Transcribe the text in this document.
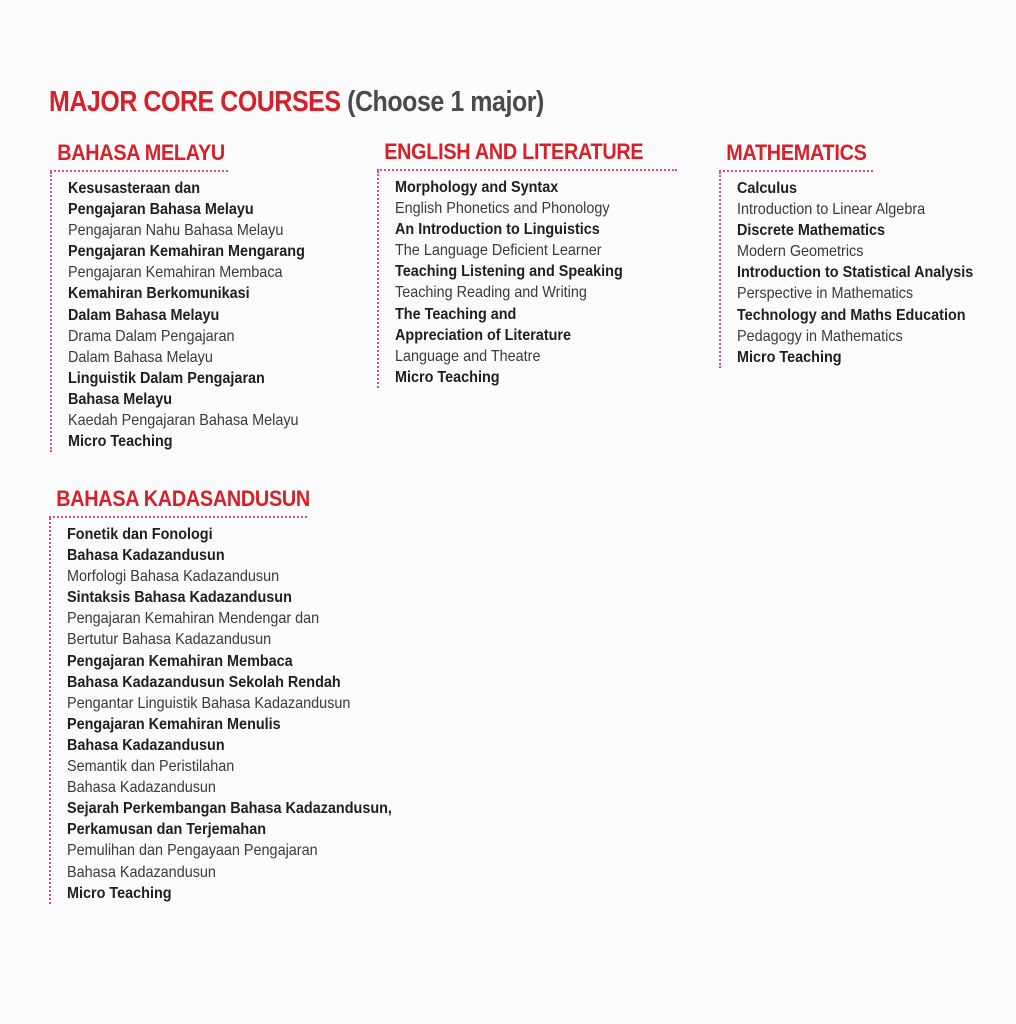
MAJOR CORE COURSES (Choose 1 major)
BAHASA MELAYU
Kesusasteraan dan
Pengajaran Bahasa Melayu
Pengajaran Nahu Bahasa Melayu
Pengajaran Kemahiran Mengarang
Pengajaran Kemahiran Membaca
Kemahiran Berkomunikasi
Dalam Bahasa Melayu
Drama Dalam Pengajaran
Dalam Bahasa Melayu
Linguistik Dalam Pengajaran
Bahasa Melayu
Kaedah Pengajaran Bahasa Melayu
Micro Teaching
ENGLISH AND LITERATURE
Morphology and Syntax
English Phonetics and Phonology
An Introduction to Linguistics
The Language Deficient Learner
Teaching Listening and Speaking
Teaching Reading and Writing
The Teaching and
Appreciation of Literature
Language and Theatre
Micro Teaching
MATHEMATICS
Calculus
Introduction to Linear Algebra
Discrete Mathematics
Modern Geometrics
Introduction to Statistical Analysis
Perspective in Mathematics
Technology and Maths Education
Pedagogy in Mathematics
Micro Teaching
BAHASA KADASANDUSUN
Fonetik dan Fonologi
Bahasa Kadazandusun
Morfologi Bahasa Kadazandusun
Sintaksis Bahasa Kadazandusun
Pengajaran Kemahiran Mendengar dan
Bertutur Bahasa Kadazandusun
Pengajaran Kemahiran Membaca
Bahasa Kadazandusun Sekolah Rendah
Pengantar Linguistik Bahasa Kadazandusun
Pengajaran Kemahiran Menulis
Bahasa Kadazandusun
Semantik dan Peristilahan
Bahasa Kadazandusun
Sejarah Perkembangan Bahasa Kadazandusun,
Perkamusan dan Terjemahan
Pemulihan dan Pengayaan Pengajaran
Bahasa Kadazandusun
Micro Teaching
